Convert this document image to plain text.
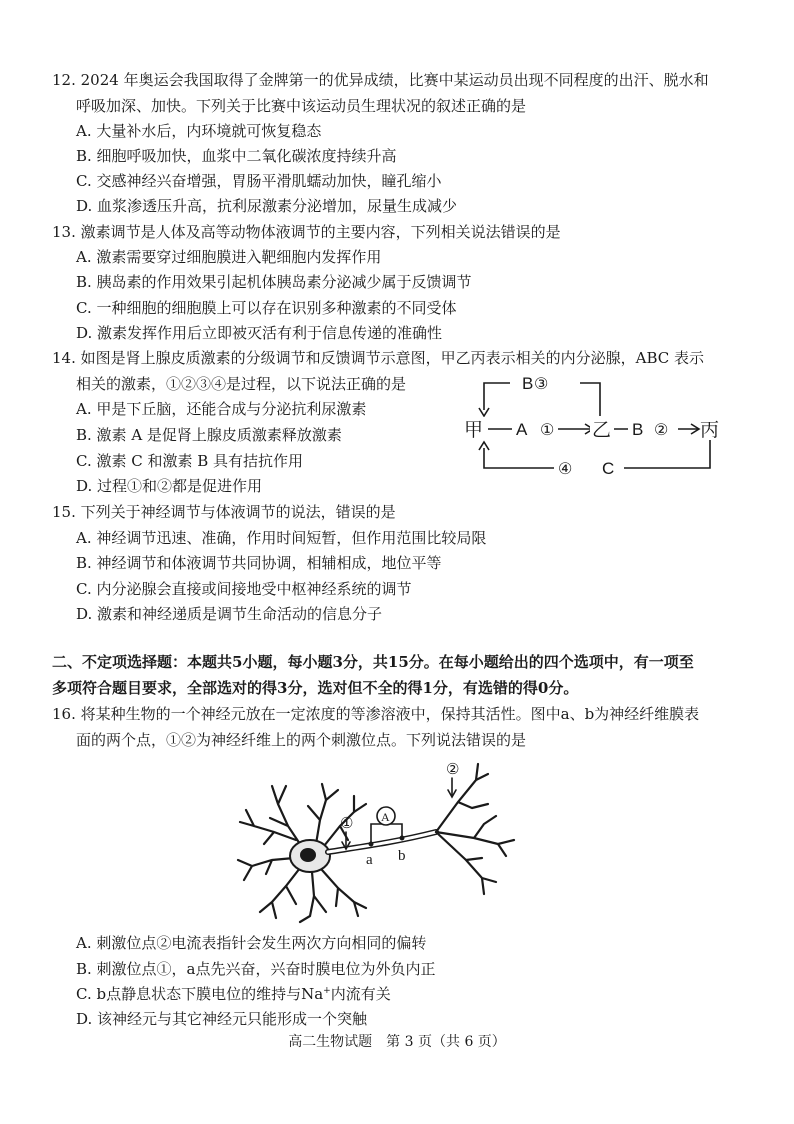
12. 2024 年奥运会我国取得了金牌第一的优异成绩，比赛中某运动员出现不同程度的出汗、脱水和
呼吸加深、加快。下列关于比赛中该运动员生理状况的叙述正确的是
A. 大量补水后，内环境就可恢复稳态
B. 细胞呼吸加快，血浆中二氧化碳浓度持续升高
C. 交感神经兴奋增强，胃肠平滑肌蠕动加快，瞳孔缩小
D. 血浆渗透压升高，抗利尿激素分泌增加，尿量生成减少
13. 激素调节是人体及高等动物体液调节的主要内容，下列相关说法错误的是
A. 激素需要穿过细胞膜进入靶细胞内发挥作用
B. 胰岛素的作用效果引起机体胰岛素分泌减少属于反馈调节
C. 一种细胞的细胞膜上可以存在识别多种激素的不同受体
D. 激素发挥作用后立即被灭活有利于信息传递的准确性
14. 如图是肾上腺皮质激素的分级调节和反馈调节示意图，甲乙丙表示相关的内分泌腺，ABC 表示
相关的激素，①②③④是过程，以下说法正确的是
A. 甲是下丘脑，还能合成与分泌抗利尿激素
B. 激素 A 是促肾上腺皮质激素释放激素
C. 激素 C 和激素 B 具有拮抗作用
D. 过程①和②都是促进作用
B ③
甲 A ① 乙 B ② 丙
④ C
15. 下列关于神经调节与体液调节的说法，错误的是
A. 神经调节迅速、准确，作用时间短暂，但作用范围比较局限
B. 神经调节和体液调节共同协调，相辅相成，地位平等
C. 内分泌腺会直接或间接地受中枢神经系统的调节
D. 激素和神经递质是调节生命活动的信息分子
二、不定项选择题：本题共5小题，每小题3分，共15分。在每小题给出的四个选项中，有一项至
多项符合题目要求，全部选对的得3分，选对但不全的得1分，有选错的得0分。
16. 将某种生物的一个神经元放在一定浓度的等渗溶液中，保持其活性。图中a、b为神经纤维膜表
面的两个点，①②为神经纤维上的两个刺激位点。下列说法错误的是
①
②
A
a b
A. 刺激位点②电流表指针会发生两次方向相同的偏转
B. 刺激位点①，a点先兴奋，兴奋时膜电位为外负内正
C. b点静息状态下膜电位的维持与Na+内流有关
D. 该神经元与其它神经元只能形成一个突触
高二生物试题　第 3 页（共 6 页）
